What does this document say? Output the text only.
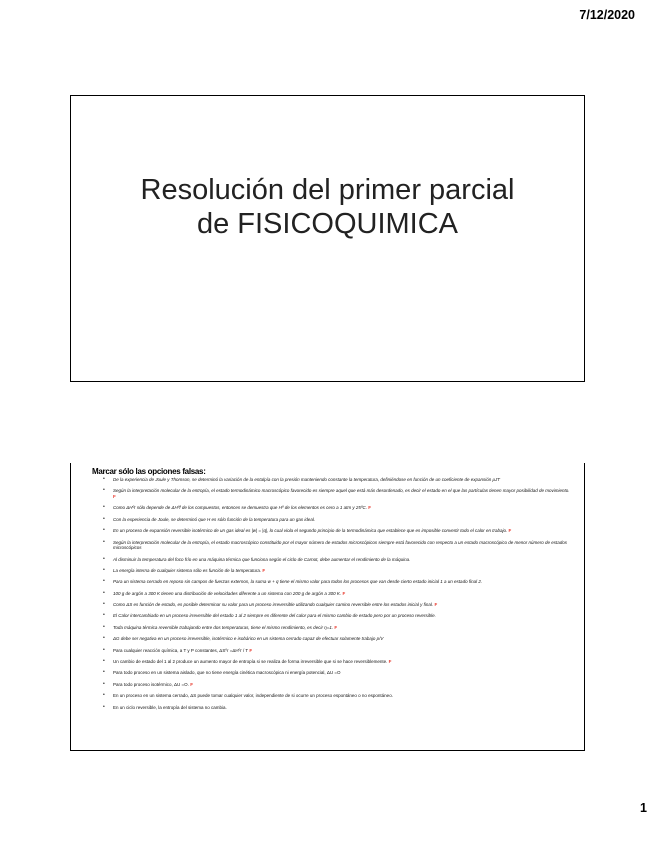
7/12/2020
Resolución del primer parcial
de FISICOQUIMICA
Marcar sólo las opciones falsas:
• De la experiencia de Joule y Thomson, se determinó la variación de la entalpía con la presión manteniendo constante la temperatura, definiéndose en función de un coeficiente de expansión μJT
• Según la interpretación molecular de la entropía, el estado termodinámico macroscópico favorecido es siempre aquel que está más desordenado, es decir el estado en el que las partículas tienen mayor posibilidad de movimiento. F
• Como ΔHºr sólo depende de ΔHºf de los compuestos, entonces se demuestra que Hº de los elementos es cero a 1 atm y 25ºC. F
• Con la experiencia de Joule, se determinó que H es sólo función de la temperatura para un gas ideal.
• En un proceso de expansión reversible isotérmico de un gas ideal es |w| = |q|, lo cual viola el segundo principio de la termodinámica que establece que es imposible convertir todo el calor en trabajo. F
• Según la interpretación molecular de la entropía, el estado macroscópico constituido por el mayor número de estados microscópicos siempre está favorecido con respecto a un estado macroscópico de menor número de estados microscópicos
• Al disminuir la temperatura del foco frío en una máquina térmica que funciona según el ciclo de Carnot, debe aumentar el rendimiento de la máquina.
• La energía interna de cualquier sistema sólo es función de la temperatura. F
• Para un sistema cerrado en reposo sin campos de fuerzas externos, la suma w + q tiene el mismo valor para todos los procesos que van desde cierto estado inicial 1 a un estado final 2.
• 100 g de argón a 300 K tienen una distribución de velocidades diferente a un sistema con 200 g de argón a 300 K. F
• Como ΔS es función de estado, es posible determinar su valor para un proceso irreversible utilizando cualquier camino reversible entre los estados inicial y final. F
• El Calor intercambiado en un proceso irreversible del estado 1 al 2 siempre es diferente del calor para el mismo cambio de estado pero por un proceso reversible.
• Toda máquina térmica reversible trabajando entre dos temperaturas, tiene el mismo rendimiento, es decir η=1. F
• ΔG debe ser negativa en un proceso irreversible, isotérmico e isobárico en un sistema cerrado capaz de efectuar solamente trabajo p/V
• Para cualquier reacción química, a T y P constantes, ΔSºr =ΔHºr / T F
• Un cambio de estado del 1 al 2 produce un aumento mayor de entropía si se realiza de forma irreversible que si se hace reversiblemente. F
• Para todo proceso en un sistema aislado, que no tiene energía cinética macroscópica ni energía potencial, ΔU =O
• Para todo proceso isotérmico, ΔU =O. F
• En un proceso en un sistema cerrado, ΔS puede tomar cualquier valor, independiente de si ocurre un proceso espontáneo o no espontáneo.
• En un ciclo reversible, la entropía del sistema no cambia.
1
